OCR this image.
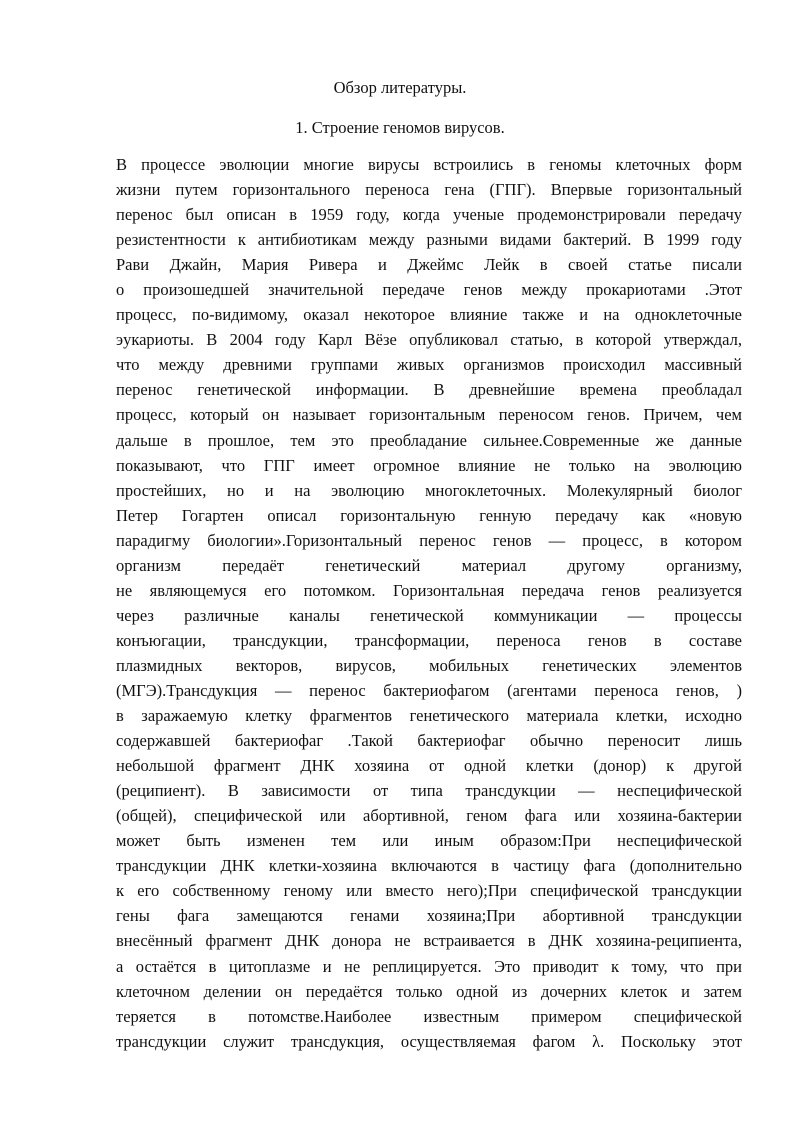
Обзор литературы.
1. Строение геномов вирусов.
В процессе эволюции многие вирусы встроились в геномы клеточных форм
жизни путем горизонтального переноса гена (ГПГ). Впервые горизонтальный
перенос был описан в 1959 году, когда ученые продемонстрировали передачу
резистентности к антибиотикам между разными видами бактерий. В 1999 году
Рави Джайн, Мария Ривера и Джеймс Лейк в своей статье писали
о произошедшей значительной передаче генов между прокариотами .Этот
процесс, по-видимому, оказал некоторое влияние также и на одноклеточные
эукариоты. В 2004 году Карл Вёзе опубликовал статью, в которой утверждал,
что между древними группами живых организмов происходил массивный
перенос генетической информации. В древнейшие времена преобладал
процесс, который он называет горизонтальным переносом генов. Причем, чем
дальше в прошлое, тем это преобладание сильнее.Современные же данные
показывают, что ГПГ имеет огромное влияние не только на эволюцию
простейших, но и на эволюцию многоклеточных. Молекулярный биолог
Петер Гогартен описал горизонтальную генную передачу как «новую
парадигму биологии».Горизонтальный перенос генов — процесс, в котором
организм передаёт генетический материал другому организму,
не являющемуся его потомком. Горизонтальная передача генов реализуется
через различные каналы генетической коммуникации — процессы
конъюгации, трансдукции, трансформации, переноса генов в составе
плазмидных векторов, вирусов, мобильных генетических элементов
(МГЭ).Трансдукция — перенос бактериофагом (агентами переноса генов, )
в заражаемую клетку фрагментов генетического материала клетки, исходно
содержавшей бактериофаг .Такой бактериофаг обычно переносит лишь
небольшой фрагмент ДНК хозяина от одной клетки (донор) к другой
(реципиент). В зависимости от типа трансдукции — неспецифической
(общей), специфической или абортивной, геном фага или хозяина-бактерии
может быть изменен тем или иным образом:При неспецифической
трансдукции ДНК клетки-хозяина включаются в частицу фага (дополнительно
к его собственному геному или вместо него);При специфической трансдукции
гены фага замещаются генами хозяина;При абортивной трансдукции
внесённый фрагмент ДНК донора не встраивается в ДНК хозяина-реципиента,
а остаётся в цитоплазме и не реплицируется. Это приводит к тому, что при
клеточном делении он передаётся только одной из дочерних клеток и затем
теряется в потомстве.Наиболее известным примером специфической
трансдукции служит трансдукция, осуществляемая фагом λ. Поскольку этот
